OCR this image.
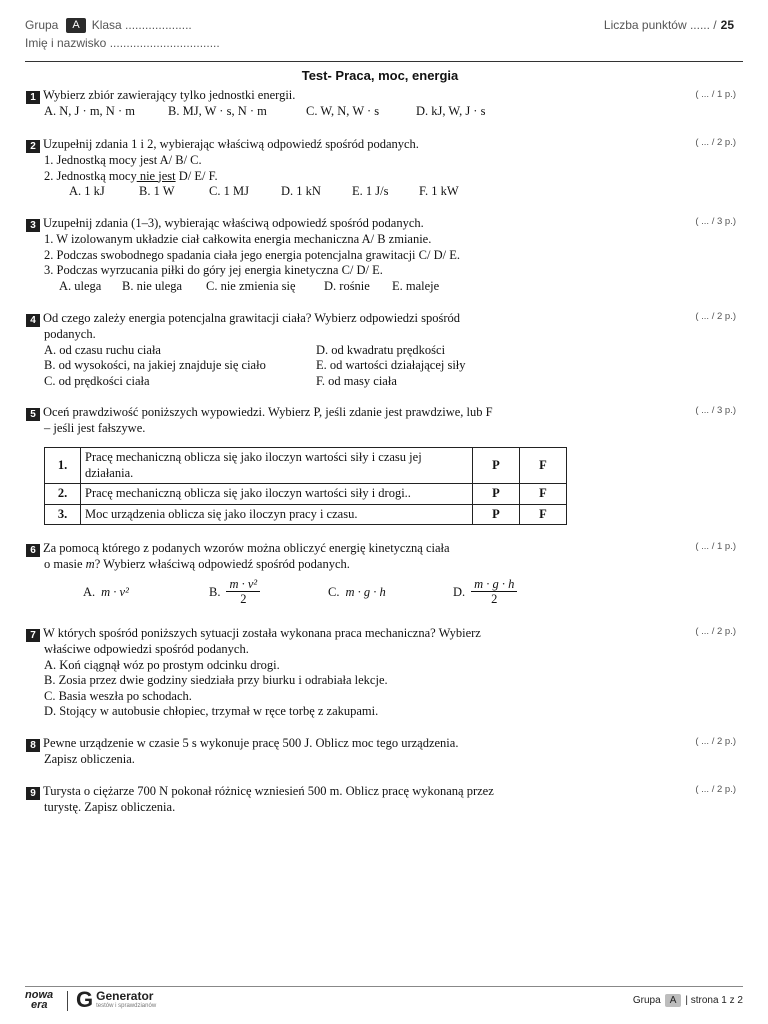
Grupa	A	Klasa ....................
Imię i nazwisko .................................
Liczba punktów ...... / 25
Test- Praca, moc, energia
1 Wybierz zbiór zawierający tylko jednostki energii.
A. N, J · m, N · m	B. MJ, W · s, N · m	C. W, N, W · s	D. kJ, W, J · s
( ... / 1 p.)
2 Uzupełnij zdania 1 i 2, wybierając właściwą odpowiedź spośród podanych.
1. Jednostką mocy jest A/ B/ C.
2. Jednostką mocy nie jest D/ E/ F.
A. 1 kJ	B. 1 W	C. 1 MJ	D. 1 kN	E. 1 J/s	F. 1 kW
( ... / 2 p.)
3 Uzupełnij zdania (1–3), wybierając właściwą odpowiedź spośród podanych.
1. W izolowanym układzie ciał całkowita energia mechaniczna A/ B zmianie.
2. Podczas swobodnego spadania ciała jego energia potencjalna grawitacji C/ D/ E.
3. Podczas wyrzucania piłki do góry jej energia kinetyczna C/ D/ E.
A. ulega	B. nie ulega	C. nie zmienia się	D. rośnie	E. maleje
( ... / 3 p.)
4 Od czego zależy energia potencjalna grawitacji ciała? Wybierz odpowiedzi spośród
podanych.
A. od czasu ruchu ciała
B. od wysokości, na jakiej znajduje się ciało
C. od prędkości ciała
D. od kwadratu prędkości
E. od wartości działającej siły
F. od masy ciała
( ... / 2 p.)
5 Oceń prawdziwość poniższych wypowiedzi. Wybierz P, jeśli zdanie jest prawdziwe, lub F
– jeśli jest fałszywe.
( ... / 3 p.)
1.	Pracę mechaniczną oblicza się jako iloczyn wartości siły i czasu jej działania.	P	F
2.	Pracę mechaniczną oblicza się jako iloczyn wartości siły i drogi..	P	F
3.	Moc urządzenia oblicza się jako iloczyn pracy i czasu.	P	F
6 Za pomocą którego z podanych wzorów można obliczyć energię kinetyczną ciała
o masie m? Wybierz właściwą odpowiedź spośród podanych.
( ... / 1 p.)
A. m · v²	B. $\frac{\text{m · v²}}{2}$	C. m · g · h	D. $\frac{m \cdot g \cdot h}{2}$
7 W których spośród poniższych sytuacji została wykonana praca mechaniczna? Wybierz
właściwe odpowiedzi spośród podanych.
A. Koń ciągnął wóz po prostym odcinku drogi.
B. Zosia przez dwie godziny siedziała przy biurku i odrabiała lekcje.
C. Basia weszła po schodach.
D. Stojący w autobusie chłopiec, trzymał w ręce torbę z zakupami.
( ... / 2 p.)
8 Pewne urządzenie w czasie 5 s wykonuje pracę 500 J. Oblicz moc tego urządzenia.
Zapisz obliczenia.
( ... / 2 p.)
9 Turysta o ciężarze 700 N pokonał różnicę wzniesień 500 m. Oblicz pracę wykonaną przez
turystę. Zapisz obliczenia.
( ... / 2 p.)
nowa
era G Generator
testów i sprawdzianów	Grupa A | strona 1 z 2
